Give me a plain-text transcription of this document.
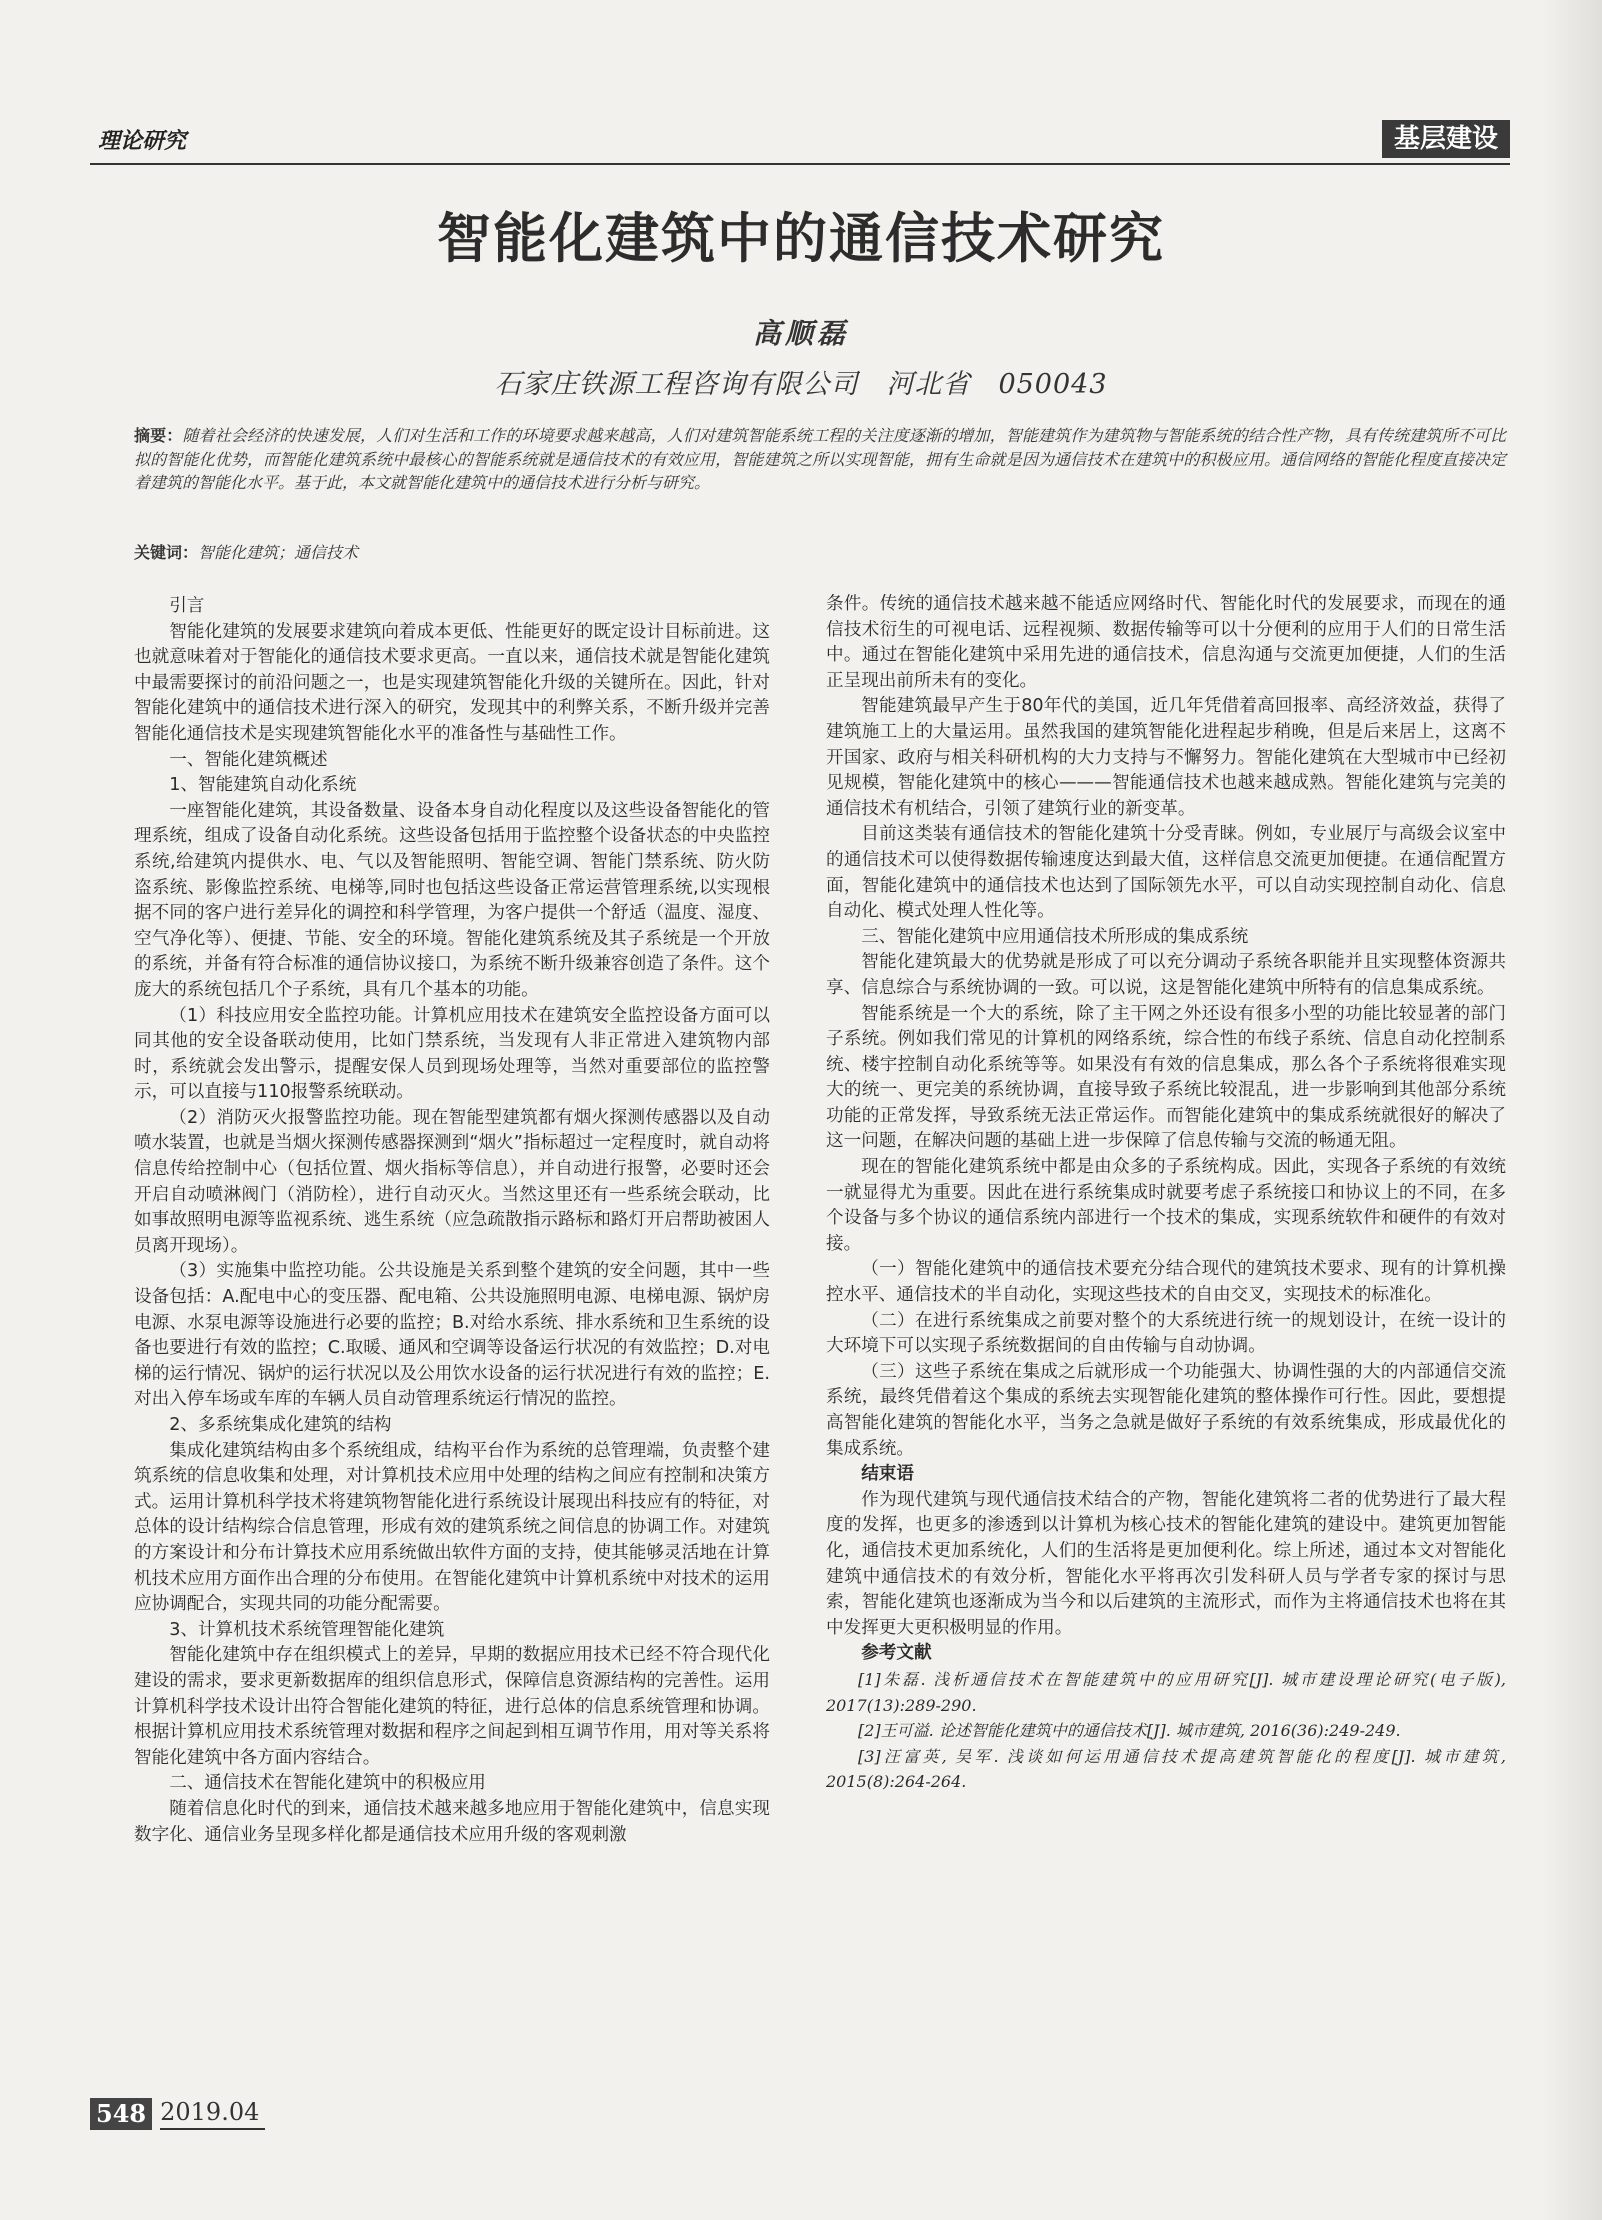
理论研究	基层建设
智能化建筑中的通信技术研究
高顺磊
石家庄铁源工程咨询有限公司　河北省　050043
摘要：随着社会经济的快速发展，人们对生活和工作的环境要求越来越高，人们对建筑智能系统工程的关注度逐渐的增加，智能建筑作为建筑物与智能系统的结合性产物，具有传统建筑所不可比拟的智能化优势，而智能化建筑系统中最核心的智能系统就是通信技术的有效应用，智能建筑之所以实现智能，拥有生命就是因为通信技术在建筑中的积极应用。通信网络的智能化程度直接决定着建筑的智能化水平。基于此，本文就智能化建筑中的通信技术进行分析与研究。
关键词：智能化建筑；通信技术

引言

智能化建筑的发展要求建筑向着成本更低、性能更好的既定设计目标前进。这也就意味着对于智能化的通信技术要求更高。一直以来，通信技术就是智能化建筑中最需要探讨的前沿问题之一，也是实现建筑智能化升级的关键所在。因此，针对智能化建筑中的通信技术进行深入的研究，发现其中的利弊关系，不断升级并完善智能化通信技术是实现建筑智能化水平的准备性与基础性工作。

一、智能化建筑概述

1、智能建筑自动化系统

一座智能化建筑，其设备数量、设备本身自动化程度以及这些设备智能化的管理系统，组成了设备自动化系统。这些设备包括用于监控整个设备状态的中央监控系统,给建筑内提供水、电、气以及智能照明、智能空调、智能门禁系统、防火防盗系统、影像监控系统、电梯等,同时也包括这些设备正常运营管理系统,以实现根据不同的客户进行差异化的调控和科学管理，为客户提供一个舒适（温度、湿度、空气净化等）、便捷、节能、安全的环境。智能化建筑系统及其子系统是一个开放的系统，并备有符合标准的通信协议接口，为系统不断升级兼容创造了条件。这个庞大的系统包括几个子系统，具有几个基本的功能。

（1）科技应用安全监控功能。计算机应用技术在建筑安全监控设备方面可以同其他的安全设备联动使用，比如门禁系统，当发现有人非正常进入建筑物内部时，系统就会发出警示，提醒安保人员到现场处理等，当然对重要部位的监控警示，可以直接与110报警系统联动。

（2）消防灭火报警监控功能。现在智能型建筑都有烟火探测传感器以及自动喷水装置，也就是当烟火探测传感器探测到“烟火”指标超过一定程度时，就自动将信息传给控制中心（包括位置、烟火指标等信息），并自动进行报警，必要时还会开启自动喷淋阀门（消防栓），进行自动灭火。当然这里还有一些系统会联动，比如事故照明电源等监视系统、逃生系统（应急疏散指示路标和路灯开启帮助被困人员离开现场）。

（3）实施集中监控功能。公共设施是关系到整个建筑的安全问题，其中一些设备包括：A.配电中心的变压器、配电箱、公共设施照明电源、电梯电源、锅炉房电源、水泵电源等设施进行必要的监控；B.对给水系统、排水系统和卫生系统的设备也要进行有效的监控；C.取暖、通风和空调等设备运行状况的有效监控；D.对电梯的运行情况、锅炉的运行状况以及公用饮水设备的运行状况进行有效的监控；E.对出入停车场或车库的车辆人员自动管理系统运行情况的监控。

2、多系统集成化建筑的结构

集成化建筑结构由多个系统组成，结构平台作为系统的总管理端，负责整个建筑系统的信息收集和处理，对计算机技术应用中处理的结构之间应有控制和决策方式。运用计算机科学技术将建筑物智能化进行系统设计展现出科技应有的特征，对总体的设计结构综合信息管理，形成有效的建筑系统之间信息的协调工作。对建筑的方案设计和分布计算技术应用系统做出软件方面的支持，使其能够灵活地在计算机技术应用方面作出合理的分布使用。在智能化建筑中计算机系统中对技术的运用应协调配合，实现共同的功能分配需要。

3、计算机技术系统管理智能化建筑

智能化建筑中存在组织模式上的差异，早期的数据应用技术已经不符合现代化建设的需求，要求更新数据库的组织信息形式，保障信息资源结构的完善性。运用计算机科学技术设计出符合智能化建筑的特征，进行总体的信息系统管理和协调。根据计算机应用技术系统管理对数据和程序之间起到相互调节作用，用对等关系将智能化建筑中各方面内容结合。

二、通信技术在智能化建筑中的积极应用

随着信息化时代的到来，通信技术越来越多地应用于智能化建筑中，信息实现数字化、通信业务呈现多样化都是通信技术应用升级的客观刺激

条件。传统的通信技术越来越不能适应网络时代、智能化时代的发展要求，而现在的通信技术衍生的可视电话、远程视频、数据传输等可以十分便利的应用于人们的日常生活中。通过在智能化建筑中采用先进的通信技术，信息沟通与交流更加便捷，人们的生活正呈现出前所未有的变化。

智能建筑最早产生于80年代的美国，近几年凭借着高回报率、高经济效益，获得了建筑施工上的大量运用。虽然我国的建筑智能化进程起步稍晚，但是后来居上，这离不开国家、政府与相关科研机构的大力支持与不懈努力。智能化建筑在大型城市中已经初见规模，智能化建筑中的核心———智能通信技术也越来越成熟。智能化建筑与完美的通信技术有机结合，引领了建筑行业的新变革。

目前这类装有通信技术的智能化建筑十分受青睐。例如，专业展厅与高级会议室中的通信技术可以使得数据传输速度达到最大值，这样信息交流更加便捷。在通信配置方面，智能化建筑中的通信技术也达到了国际领先水平，可以自动实现控制自动化、信息自动化、模式处理人性化等。

三、智能化建筑中应用通信技术所形成的集成系统

智能化建筑最大的优势就是形成了可以充分调动子系统各职能并且实现整体资源共享、信息综合与系统协调的一致。可以说，这是智能化建筑中所特有的信息集成系统。

智能系统是一个大的系统，除了主干网之外还设有很多小型的功能比较显著的部门子系统。例如我们常见的计算机的网络系统，综合性的布线子系统、信息自动化控制系统、楼宇控制自动化系统等等。如果没有有效的信息集成，那么各个子系统将很难实现大的统一、更完美的系统协调，直接导致子系统比较混乱，进一步影响到其他部分系统功能的正常发挥，导致系统无法正常运作。而智能化建筑中的集成系统就很好的解决了这一问题，在解决问题的基础上进一步保障了信息传输与交流的畅通无阻。

现在的智能化建筑系统中都是由众多的子系统构成。因此，实现各子系统的有效统一就显得尤为重要。因此在进行系统集成时就要考虑子系统接口和协议上的不同，在多个设备与多个协议的通信系统内部进行一个技术的集成，实现系统软件和硬件的有效对接。

（一）智能化建筑中的通信技术要充分结合现代的建筑技术要求、现有的计算机操控水平、通信技术的半自动化，实现这些技术的自由交叉，实现技术的标准化。

（二）在进行系统集成之前要对整个的大系统进行统一的规划设计，在统一设计的大环境下可以实现子系统数据间的自由传输与自动协调。

（三）这些子系统在集成之后就形成一个功能强大、协调性强的大的内部通信交流系统，最终凭借着这个集成的系统去实现智能化建筑的整体操作可行性。因此，要想提高智能化建筑的智能化水平，当务之急就是做好子系统的有效系统集成，形成最优化的集成系统。

结束语

作为现代建筑与现代通信技术结合的产物，智能化建筑将二者的优势进行了最大程度的发挥，也更多的渗透到以计算机为核心技术的智能化建筑的建设中。建筑更加智能化，通信技术更加系统化，人们的生活将是更加便利化。综上所述，通过本文对智能化建筑中通信技术的有效分析，智能化水平将再次引发科研人员与学者专家的探讨与思索，智能化建筑也逐渐成为当今和以后建筑的主流形式，而作为主将通信技术也将在其中发挥更大更积极明显的作用。

参考文献

[1]朱磊. 浅析通信技术在智能建筑中的应用研究[J]. 城市建设理论研究(电子版), 2017(13):289-290.

[2]王可溢. 论述智能化建筑中的通信技术[J]. 城市建筑, 2016(36):249-249.

[3]汪富英, 吴军. 浅谈如何运用通信技术提高建筑智能化的程度[J]. 城市建筑, 2015(8):264-264.

548 2019.04
